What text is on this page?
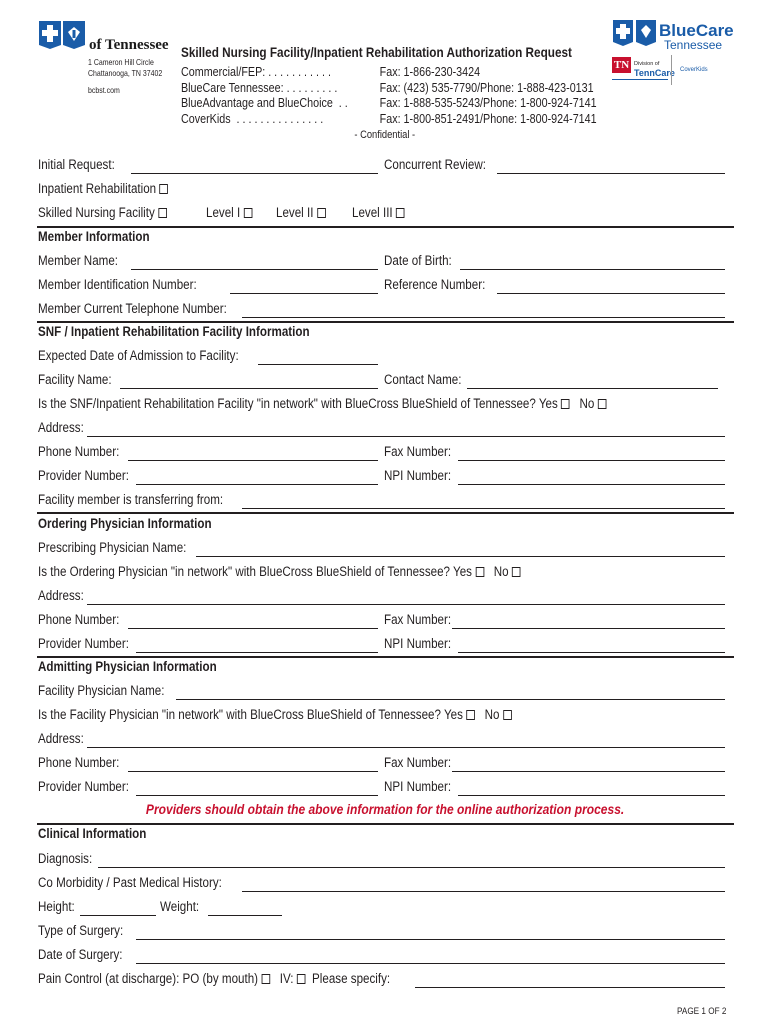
of Tennessee
1 Cameron Hill Circle
Chattanooga, TN 37402
bcbst.com
Skilled Nursing Facility/Inpatient Rehabilitation Authorization Request
Commercial/FEP: . . . . . . . . . . .	Fax: 1-866-230-3424
BlueCare Tennessee: . . . . . . . . .	Fax: (423) 535-7790/Phone: 1-888-423-0131
BlueAdvantage and BlueChoice  . .	Fax: 1-888-535-5243/Phone: 1-800-924-7141
CoverKids  . . . . . . . . . . . . . . .	Fax: 1-800-851-2491/Phone: 1-800-924-7141
- Confidential -
BlueCare
Tennessee
TN Division of
TennCare CoverKids
Initial Request:	Concurrent Review:
Inpatient Rehabilitation
Skilled Nursing Facility	Level I	Level II	Level III
Member Information
Member Name:	Date of Birth:
Member Identification Number:	Reference Number:
Member Current Telephone Number:
SNF / Inpatient Rehabilitation Facility Information
Expected Date of Admission to Facility:
Facility Name:	Contact Name:
Is the SNF/Inpatient Rehabilitation Facility "in network" with BlueCross BlueShield of Tennessee? Yes No
Address:
Phone Number:	Fax Number:
Provider Number:	NPI Number:
Facility member is transferring from:
Ordering Physician Information
Prescribing Physician Name:
Is the Ordering Physician "in network" with BlueCross BlueShield of Tennessee? Yes No
Address:
Phone Number:	Fax Number:
Provider Number:	NPI Number:
Admitting Physician Information
Facility Physician Name:
Is the Facility Physician "in network" with BlueCross BlueShield of Tennessee? Yes No
Address:
Phone Number:	Fax Number:
Provider Number:	NPI Number:
Providers should obtain the above information for the online authorization process.
Clinical Information
Diagnosis:
Co Morbidity / Past Medical History:
Height:	Weight:
Type of Surgery:
Date of Surgery:
Pain Control (at discharge): PO (by mouth) IV: Please specify:
PAGE 1 OF 2
